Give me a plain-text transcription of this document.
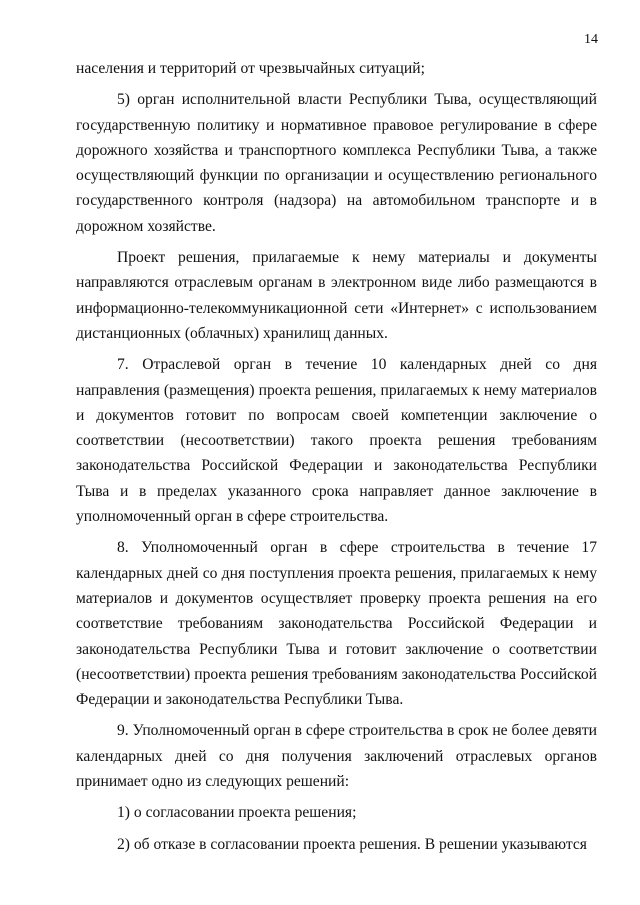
14

населения и территорий от чрезвычайных ситуаций;

5) орган исполнительной власти Республики Тыва, осуществляющий государственную политику и нормативное правовое регулирование в сфере дорожного хозяйства и транспортного комплекса Республики Тыва, а также осуществляющий функции по организации и осуществлению регионального государственного контроля (надзора) на автомобильном транспорте и в дорожном хозяйстве.

Проект решения, прилагаемые к нему материалы и документы направляются отраслевым органам в электронном виде либо размещаются в информационно-телекоммуникационной сети «Интернет» с использованием дистанционных (облачных) хранилищ данных.

7. Отраслевой орган в течение 10 календарных дней со дня направления (размещения) проекта решения, прилагаемых к нему материалов и документов готовит по вопросам своей компетенции заключение о соответствии (несоответствии) такого проекта решения требованиям законодательства Российской Федерации и законодательства Республики Тыва и в пределах указанного срока направляет данное заключение в уполномоченный орган в сфере строительства.

8. Уполномоченный орган в сфере строительства в течение 17 календарных дней со дня поступления проекта решения, прилагаемых к нему материалов и документов осуществляет проверку проекта решения на его соответствие требованиям законодательства Российской Федерации и законодательства Республики Тыва и готовит заключение о соответствии (несоответствии) проекта решения требованиям законодательства Российской Федерации и законодательства Республики Тыва.

9. Уполномоченный орган в сфере строительства в срок не более девяти календарных дней со дня получения заключений отраслевых органов принимает одно из следующих решений:

1) о согласовании проекта решения;

2) об отказе в согласовании проекта решения. В решении указываются
